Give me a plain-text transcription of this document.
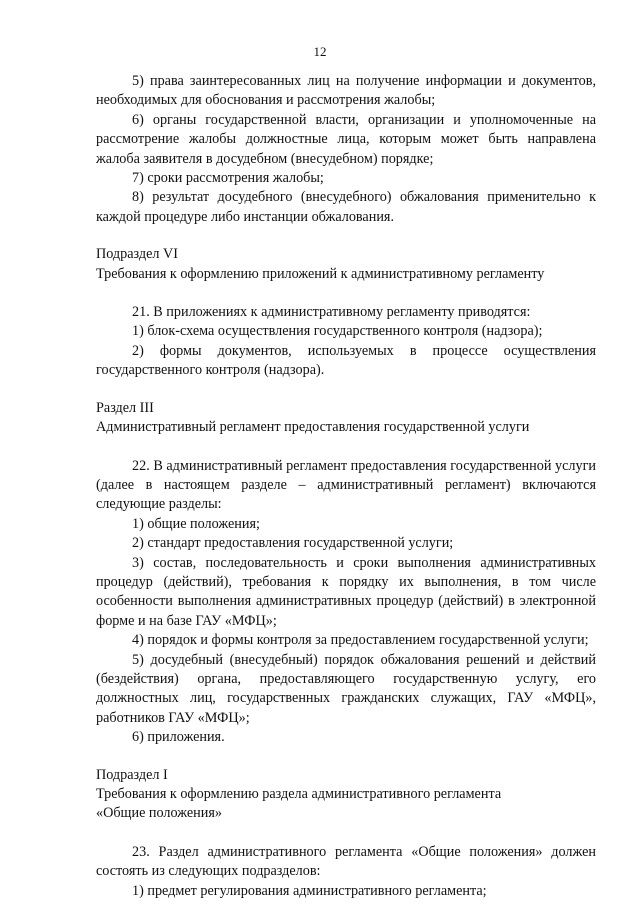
12

5) права заинтересованных лиц на получение информации и документов, необходимых для обоснования и рассмотрения жалобы;

6) органы государственной власти, организации и уполномоченные на рассмотрение жалобы должностные лица, которым может быть направлена жалоба заявителя в досудебном (внесудебном) порядке;

7) сроки рассмотрения жалобы;

8) результат досудебного (внесудебного) обжалования применительно к каждой процедуре либо инстанции обжалования.

Подраздел VI

Требования к оформлению приложений к административному регламенту

21. В приложениях к административному регламенту приводятся:

1) блок-схема осуществления государственного контроля (надзора);

2) формы документов, используемых в процессе осуществления государственного контроля (надзора).

Раздел III

Административный регламент предоставления государственной услуги

22. В административный регламент предоставления государственной услуги (далее в настоящем разделе – административный регламент) включаются следующие разделы:

1) общие положения;

2) стандарт предоставления государственной услуги;

3) состав, последовательность и сроки выполнения административных процедур (действий), требования к порядку их выполнения, в том числе особенности выполнения административных процедур (действий) в электронной форме и на базе ГАУ «МФЦ»;

4) порядок и формы контроля за предоставлением государственной услуги;

5) досудебный (внесудебный) порядок обжалования решений и действий (бездействия) органа, предоставляющего государственную услугу, его должностных лиц, государственных гражданских служащих, ГАУ «МФЦ», работников ГАУ «МФЦ»;

6) приложения.

Подраздел I

Требования к оформлению раздела административного регламента

«Общие положения»

23. Раздел административного регламента «Общие положения» должен состоять из следующих подразделов:

1) предмет регулирования административного регламента;
